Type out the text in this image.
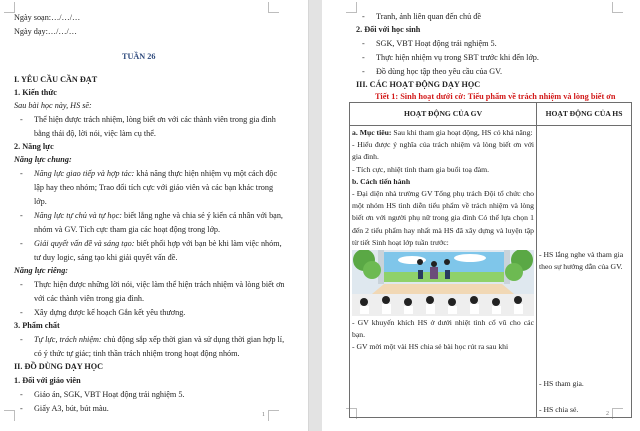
Ngày soạn:…/…/…
Ngày dạy:…/…/…
TUẦN 26
I. YÊU CẦU CẦN ĐẠT
1. Kiến thức
Sau bài học này, HS sẽ:
- Thể hiện được trách nhiệm, lòng biết ơn với các thành viên trong gia đình
bằng thái độ, lời nói, việc làm cụ thể.
2. Năng lực
Năng lực chung:
- Năng lực giao tiếp và hợp tác: khả năng thực hiện nhiệm vụ một cách độc
lập hay theo nhóm; Trao đổi tích cực với giáo viên và các bạn khác trong
lớp.
- Năng lực tự chủ và tự học: biết lắng nghe và chia sẻ ý kiến cá nhân với bạn,
nhóm và GV. Tích cực tham gia các hoạt động trong lớp.
- Giải quyết vấn đề và sáng tạo: biết phối hợp với bạn bè khi làm việc nhóm,
tư duy logic, sáng tạo khi giải quyết vấn đề.
Năng lực riêng:
- Thực hiện được những lời nói, việc làm thể hiện trách nhiệm và lòng biết ơn
với các thành viên trong gia đình.
- Xây dựng được kế hoạch Gắn kết yêu thương.
3. Phẩm chất
- Tự lực, trách nhiệm: chủ động sắp xếp thời gian và sử dụng thời gian hợp lí,
có ý thức tự giác; tinh thần trách nhiệm trong hoạt động nhóm.
II. ĐỒ DÙNG DẠY HỌC
1. Đối với giáo viên
- Giáo án, SGK, VBT Hoạt động trải nghiệm 5.
- Giấy A3, bút, bút màu.
1
- Tranh, ảnh liên quan đến chủ đề
2. Đối với học sinh
- SGK, VBT Hoạt động trải nghiệm 5.
- Thực hiện nhiệm vụ trong SBT trước khi đến lớp.
- Đồ dùng học tập theo yêu cầu của GV.
III. CÁC HOẠT ĐỘNG DẠY HỌC
Tiết 1: Sinh hoạt dưới cờ: Tiểu phẩm về trách nhiệm và lòng biết ơn
HOẠT ĐỘNG CỦA GV	HOẠT ĐỘNG CỦA HS

a. Mục tiêu: Sau khi tham gia hoạt động, HS có khả năng:
- Hiểu được ý nghĩa của trách nhiệm và lòng biết ơn với gia đình.
- Tích cực, nhiệt tình tham gia buổi toạ đàm.
b. Cách tiến hành
- Đại diện nhà trường GV Tổng phụ trách Đội tổ chức cho một nhóm HS tình diễn tiểu phẩm về trách nhiệm và lòng biết ơn với người phụ nữ trong gia đình Có thể lựa chọn 1 đến 2 tiểu phẩm hay nhất mà HS đã xây dựng và luyện tập từ tiết Sinh hoạt lớp tuần trước:
- GV khuyến khích HS ở dưới nhiệt tình cổ vũ cho các bạn.
- GV mời một vài HS chia sẻ bài học rút ra sau khi

- HS lắng nghe và tham gia theo sự hướng dẫn của GV.
- HS tham gia.
- HS chia sẻ.
2
